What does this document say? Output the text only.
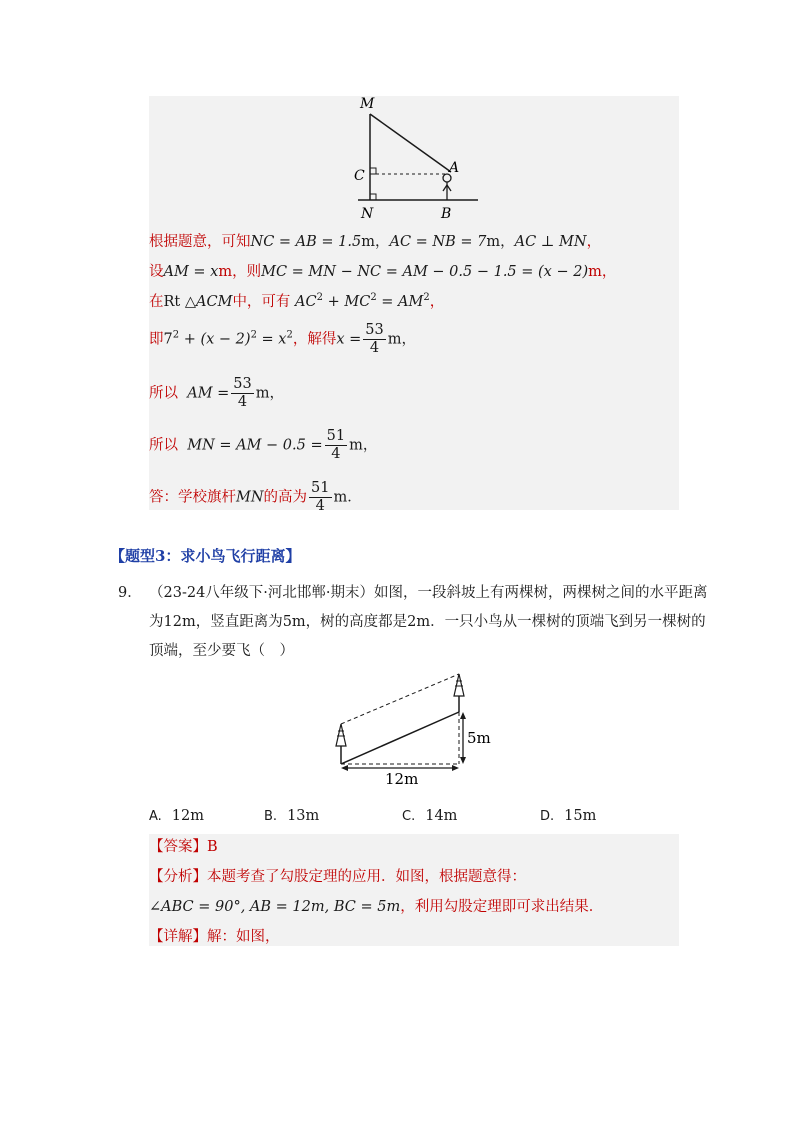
M
C	A
N	B
根据题意，可知NC = AB = 1.5m，AC = NB = 7m，AC ⊥ MN，
设AM = xm，则MC = MN − NC = AM − 0.5 − 1.5 = (x − 2)m，
在Rt △ACM中，可有 $AC^2 + MC^2 = AM^2$，
即$7^2 + (x - 2)^2 = x^2$，解得$x = \frac{53}{4}$ m，
所以 AM = $\frac{53}{4}$ m，
所以 MN = AM − $0.5 = \frac{51}{4}$ m，
答：学校旗杆MN的高为 $\frac{51}{4}$ m．
【题型3：求小鸟飞行距离】
9． （23-24八年级下·河北邯郸·期末）如图，一段斜坡上有两棵树，两棵树之间的水平距离
为12m，竖直距离为5m，树的高度都是2m．一只小鸟从一棵树的顶端飞到另一棵树的
顶端，至少要飞（　）
5m
12m
A. 12m	B. 13m	C. 14m	D. 15m
【答案】B
【分析】本题考查了勾股定理的应用．如图，根据题意得：
∠ABC = 90°, AB = 12m, BC = 5m，利用勾股定理即可求出结果．
【详解】解：如图，
